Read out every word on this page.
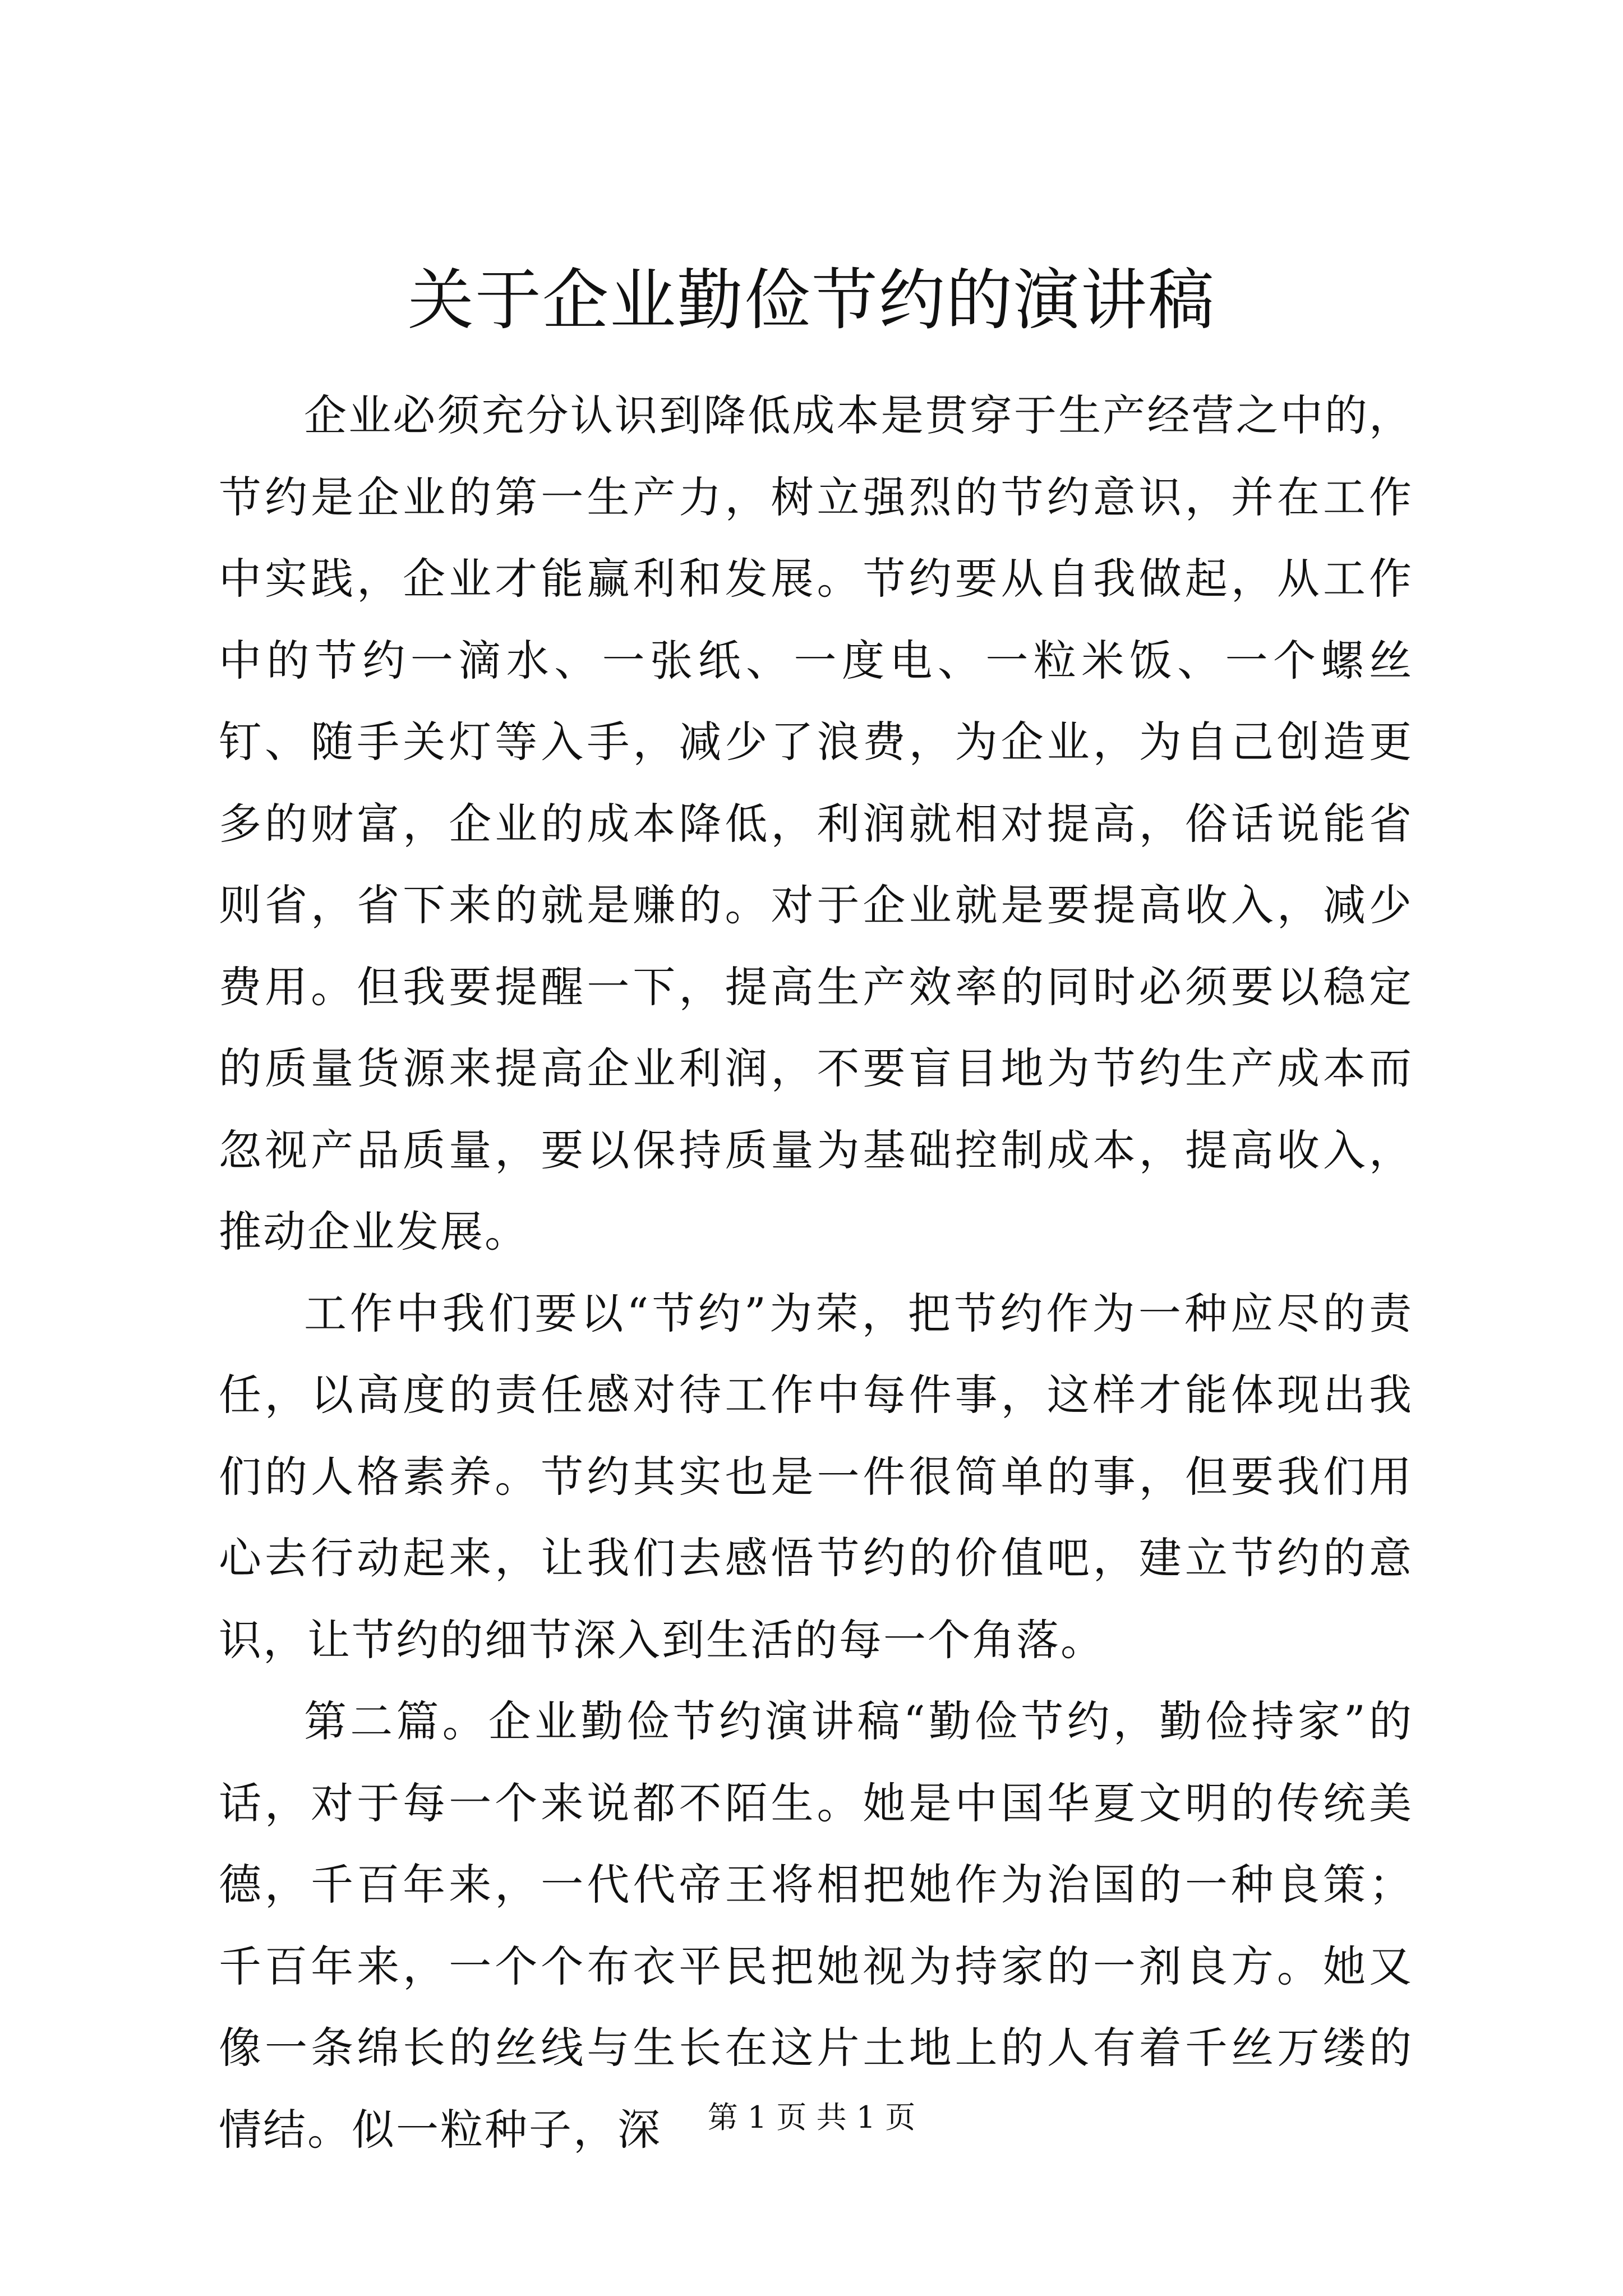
关于企业勤俭节约的演讲稿

企业必须充分认识到降低成本是贯穿于生产经营之中的，节约是企业的第一生产力，树立强烈的节约意识，并在工作中实践，企业才能赢利和发展。节约要从自我做起，从工作中的节约一滴水、一张纸、一度电、一粒米饭、一个螺丝钉、随手关灯等入手，减少了浪费，为企业，为自己创造更多的财富，企业的成本降低，利润就相对提高，俗话说能省则省，省下来的就是赚的。对于企业就是要提高收入，减少费用。但我要提醒一下，提高生产效率的同时必须要以稳定的质量货源来提高企业利润，不要盲目地为节约生产成本而忽视产品质量，要以保持质量为基础控制成本，提高收入，推动企业发展。

工作中我们要以“节约”为荣，把节约作为一种应尽的责任，以高度的责任感对待工作中每件事，这样才能体现出我们的人格素养。节约其实也是一件很简单的事，但要我们用心去行动起来，让我们去感悟节约的价值吧，建立节约的意识，让节约的细节深入到生活的每一个角落。

第二篇。企业勤俭节约演讲稿“勤俭节约，勤俭持家”的话，对于每一个来说都不陌生。她是中国华夏文明的传统美德，千百年来，一代代帝王将相把她作为治国的一种良策；千百年来，一个个布衣平民把她视为持家的一剂良方。她又像一条绵长的丝线与生长在这片土地上的人有着千丝万缕的情结。似一粒种子，深	第 1 页 共 1 页
